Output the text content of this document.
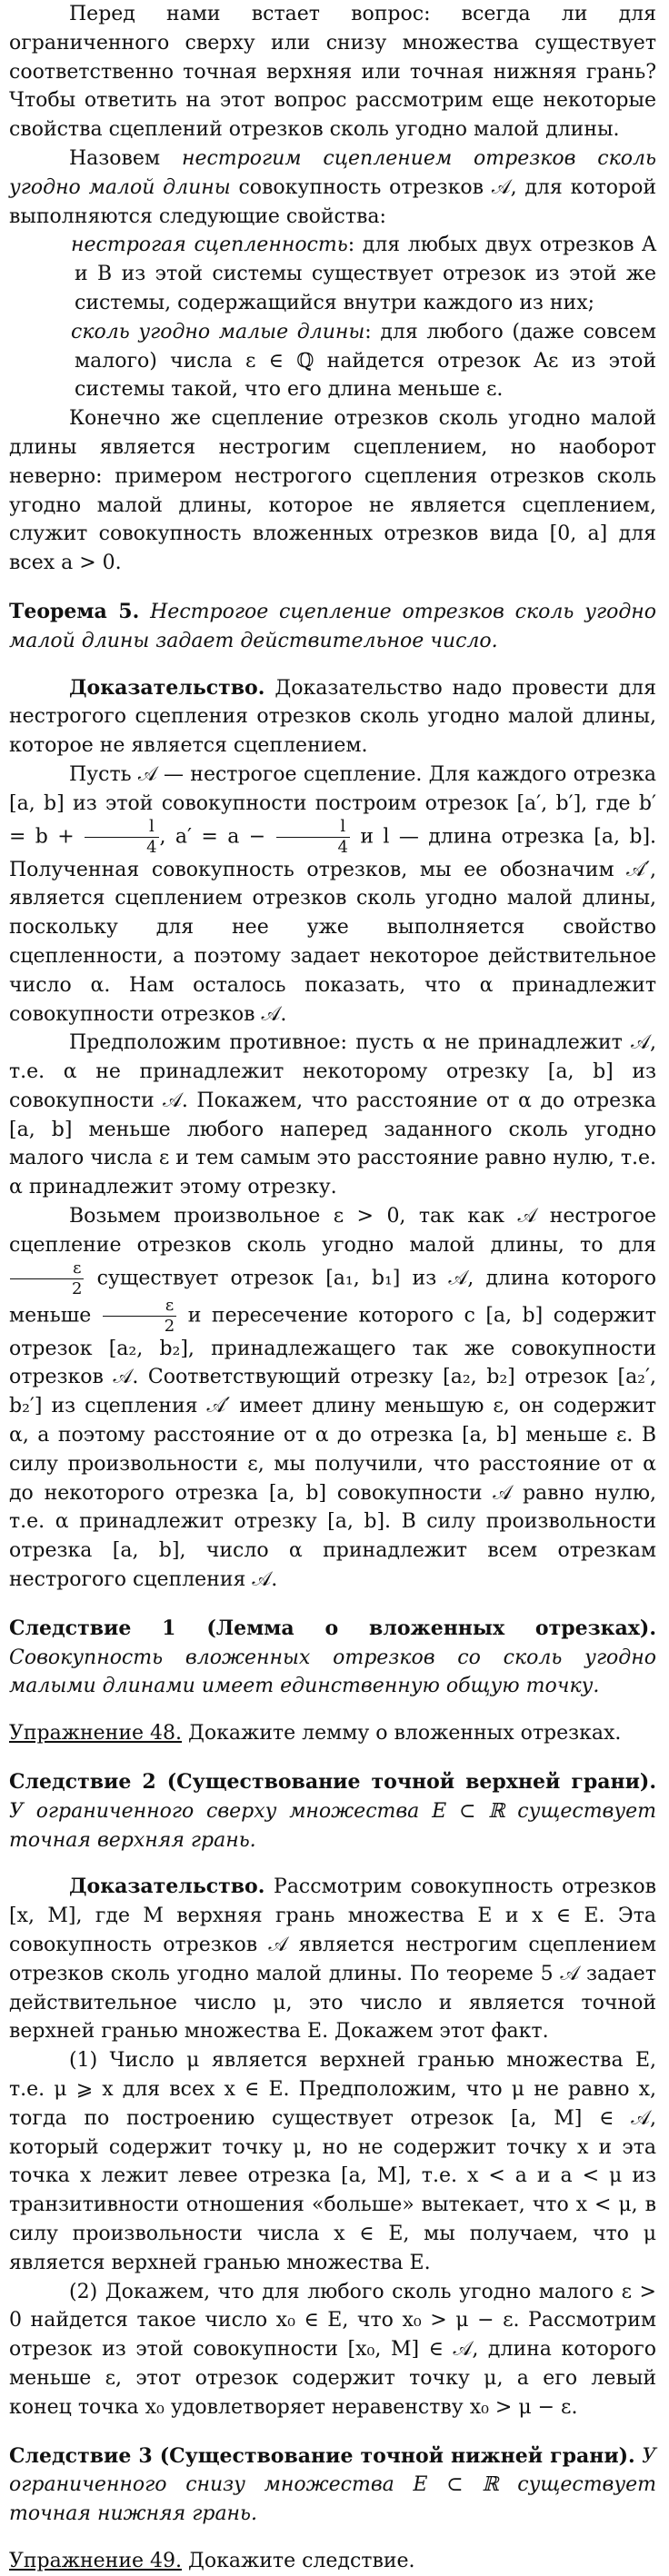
Перед нами встает вопрос: всегда ли для ограниченного сверху или снизу множества существует соответственно точная верхняя или точная нижняя грань? Чтобы ответить на этот вопрос рассмотрим еще некоторые свойства сцеплений отрезков сколь угодно малой длины.

Назовем нестрогим сцеплением отрезков сколь угодно малой длины совокупность отрезков 𝒜, для которой выполняются следующие свойства:

нестрогая сцепленность: для любых двух отрезков A и B из этой системы существует отрезок из этой же системы, содержащийся внутри каждого из них;

сколь угодно малые длины: для любого (даже совсем малого) числа ε ∈ ℚ найдется отрезок Aε из этой системы такой, что его длина меньше ε.

Конечно же сцепление отрезков сколь угодно малой длины является нестрогим сцеплением, но наоборот неверно: примером нестрогого сцепления отрезков сколь угодно малой длины, которое не является сцеплением, служит совокупность вложенных отрезков вида [0, a] для всех a > 0.

Теорема 5. Нестрогое сцепление отрезков сколь угодно малой длины задает действительное число.

Доказательство. Доказательство надо провести для нестрогого сцепления отрезков сколь угодно малой длины, которое не является сцеплением.

Пусть 𝒜 — нестрогое сцепление. Для каждого отрезка [a, b] из этой совокупности построим отрезок [a′, b′], где $b' = b + \frac{l}{4}$ , $a' = a - \frac{l}{4}$ и l — длина отрезка [a, b]. Полученная совокупность отрезков, мы ее обозначим 𝒜′, является сцеплением отрезков сколь угодно малой длины, поскольку для нее уже выполняется свойство сцепленности, а поэтому задает некоторое действительное число α. Нам осталось показать, что α принадлежит совокупности отрезков 𝒜.

Предположим противное: пусть α не принадлежит 𝒜, т.е. α не принадлежит некоторому отрезку [a, b] из совокупности 𝒜. Покажем, что расстояние от α до отрезка [a, b] меньше любого наперед заданного сколь угодно малого числа ε и тем самым это расстояние равно нулю, т.е. α принадлежит этому отрезку.

Возьмем произвольное ε > 0, так как 𝒜 нестрогое сцепление отрезков сколь угодно малой длины, то для
$\frac{\varepsilon}{2}$ существует отрезок [a₁, b₁] из 𝒜, длина которого меньше $\frac{\varepsilon}{2}$ и пересечение которого с [a, b] содержит отрезок [a₂, b₂], принадлежащего так же совокупности отрезков 𝒜. Соответствующий отрезку [a₂, b₂] отрезок [a₂′, b₂′] из сцепления 𝒜′ имеет длину меньшую ε, он содержит α, а поэтому расстояние от α до отрезка [a, b] меньше ε. В силу произвольности ε, мы получили, что расстояние от α до некоторого отрезка [a, b] совокупности 𝒜 равно нулю, т.е. α принадлежит отрезку [a, b]. В силу произвольности отрезка [a, b], число α принадлежит всем отрезкам нестрогого сцепления 𝒜.

Следствие 1 (Лемма о вложенных отрезках). Совокупность вложенных отрезков со сколь угодно малыми длинами имеет единственную общую точку.

Упражнение 48. Докажите лемму о вложенных отрезках.

Следствие 2 (Существование точной верхней грани). У ограниченного сверху множества E ⊂ ℝ существует точная верхняя грань.

Доказательство. Рассмотрим совокупность отрезков [x, M], где M верхняя грань множества E и x ∈ E. Эта совокупность отрезков 𝒜 является нестрогим сцеплением отрезков сколь угодно малой длины. По теореме 5 𝒜 задает действительное число μ, это число и является точной верхней гранью множества E. Докажем этот факт.

(1) Число μ является верхней гранью множества E, т.е. μ ⩾ x для всех x ∈ E. Предположим, что μ не равно x, тогда по построению существует отрезок [a, M] ∈ 𝒜, который содержит точку μ, но не содержит точку x и эта точка x лежит левее отрезка [a, M], т.е. x < a и a < μ из транзитивности отношения «больше» вытекает, что x < μ, в силу произвольности числа x ∈ E, мы получаем, что μ является верхней гранью множества E.

(2) Докажем, что для любого сколь угодно малого ε > 0 найдется такое число x₀ ∈ E, что x₀ > μ − ε. Рассмотрим отрезок из этой совокупности [x₀, M] ∈ 𝒜, длина которого меньше ε, этот отрезок содержит точку μ, а его левый конец точка x₀ удовлетворяет неравенству x₀ > μ − ε.

Следствие 3 (Существование точной нижней грани). У ограниченного снизу множества E ⊂ ℝ существует точная нижняя грань.

Упражнение 49. Докажите следствие.
